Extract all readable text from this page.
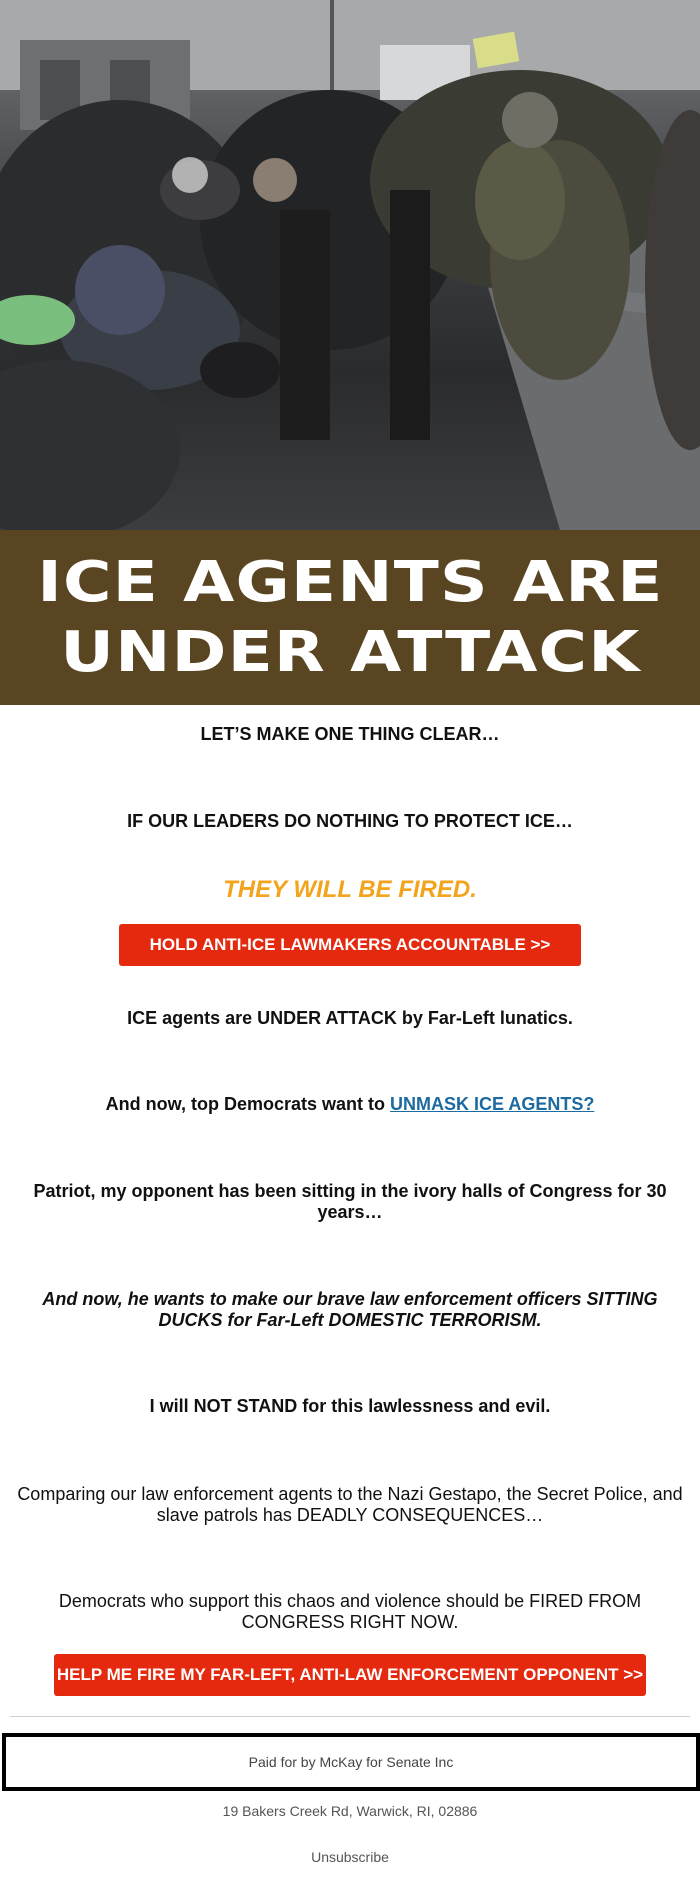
ICE AGENTS ARE
UNDER ATTACK
LET’S MAKE ONE THING CLEAR…
IF OUR LEADERS DO NOTHING TO PROTECT ICE…
THEY WILL BE FIRED.
HOLD ANTI-ICE LAWMAKERS ACCOUNTABLE >>
ICE agents are UNDER ATTACK by Far-Left lunatics.
And now, top Democrats want to UNMASK ICE AGENTS?
Patriot, my opponent has been sitting in the ivory halls of Congress for 30 years…
And now, he wants to make our brave law enforcement officers SITTING DUCKS for Far-Left DOMESTIC TERRORISM.
I will NOT STAND for this lawlessness and evil.
Comparing our law enforcement agents to the Nazi Gestapo, the Secret Police, and slave patrols has DEADLY CONSEQUENCES…
Democrats who support this chaos and violence should be FIRED FROM CONGRESS RIGHT NOW.
HELP ME FIRE MY FAR-LEFT, ANTI-LAW ENFORCEMENT OPPONENT >>
Paid for by McKay for Senate Inc
19 Bakers Creek Rd, Warwick, RI, 02886
Unsubscribe
